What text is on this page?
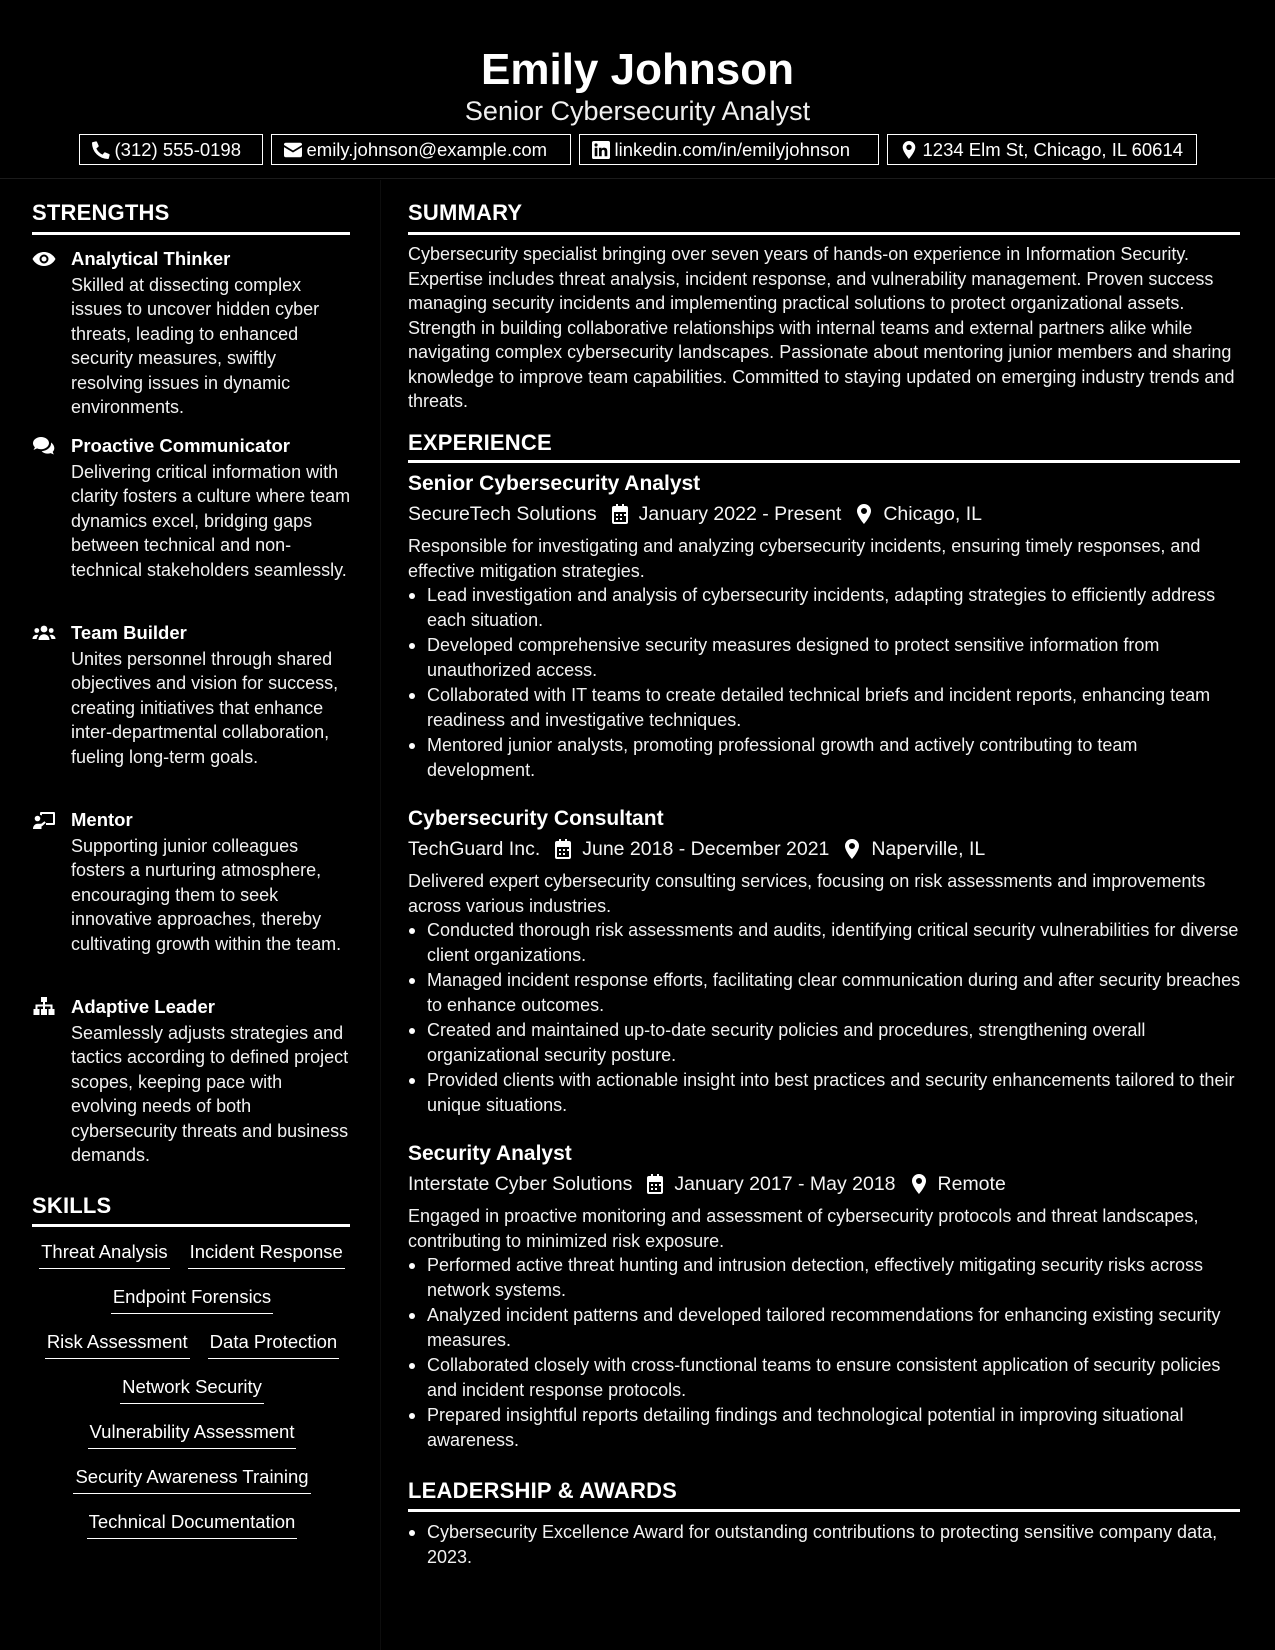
Emily Johnson
Senior Cybersecurity Analyst
(312) 555-0198	emily.johnson@example.com	linkedin.com/in/emilyjohnson	1234 Elm St, Chicago, IL 60614
STRENGTHS
Analytical Thinker
Skilled at dissecting complex issues to uncover hidden cyber threats, leading to enhanced security measures, swiftly resolving issues in dynamic environments.
Proactive Communicator
Delivering critical information with clarity fosters a culture where team dynamics excel, bridging gaps between technical and non-technical stakeholders seamlessly.
Team Builder
Unites personnel through shared objectives and vision for success, creating initiatives that enhance inter-departmental collaboration, fueling long-term goals.
Mentor
Supporting junior colleagues fosters a nurturing atmosphere, encouraging them to seek innovative approaches, thereby cultivating growth within the team.
Adaptive Leader
Seamlessly adjusts strategies and tactics according to defined project scopes, keeping pace with evolving needs of both cybersecurity threats and business demands.
SKILLS
Threat Analysis Incident Response
Endpoint Forensics
Risk Assessment Data Protection
Network Security
Vulnerability Assessment
Security Awareness Training
Technical Documentation
SUMMARY
Cybersecurity specialist bringing over seven years of hands-on experience in Information Security. Expertise includes threat analysis, incident response, and vulnerability management. Proven success managing security incidents and implementing practical solutions to protect organizational assets. Strength in building collaborative relationships with internal teams and external partners alike while navigating complex cybersecurity landscapes. Passionate about mentoring junior members and sharing knowledge to improve team capabilities. Committed to staying updated on emerging industry trends and threats.
EXPERIENCE
Senior Cybersecurity Analyst
SecureTech Solutions January 2022 - Present Chicago, IL
Responsible for investigating and analyzing cybersecurity incidents, ensuring timely responses, and effective mitigation strategies.
Lead investigation and analysis of cybersecurity incidents, adapting strategies to efficiently address each situation.
Developed comprehensive security measures designed to protect sensitive information from unauthorized access.
Collaborated with IT teams to create detailed technical briefs and incident reports, enhancing team readiness and investigative techniques.
Mentored junior analysts, promoting professional growth and actively contributing to team development.
Cybersecurity Consultant
TechGuard Inc. June 2018 - December 2021 Naperville, IL
Delivered expert cybersecurity consulting services, focusing on risk assessments and improvements across various industries.
Conducted thorough risk assessments and audits, identifying critical security vulnerabilities for diverse client organizations.
Managed incident response efforts, facilitating clear communication during and after security breaches to enhance outcomes.
Created and maintained up-to-date security policies and procedures, strengthening overall organizational security posture.
Provided clients with actionable insight into best practices and security enhancements tailored to their unique situations.
Security Analyst
Interstate Cyber Solutions January 2017 - May 2018 Remote
Engaged in proactive monitoring and assessment of cybersecurity protocols and threat landscapes, contributing to minimized risk exposure.
Performed active threat hunting and intrusion detection, effectively mitigating security risks across network systems.
Analyzed incident patterns and developed tailored recommendations for enhancing existing security measures.
Collaborated closely with cross-functional teams to ensure consistent application of security policies and incident response protocols.
Prepared insightful reports detailing findings and technological potential in improving situational awareness.
LEADERSHIP & AWARDS
Cybersecurity Excellence Award for outstanding contributions to protecting sensitive company data, 2023.
